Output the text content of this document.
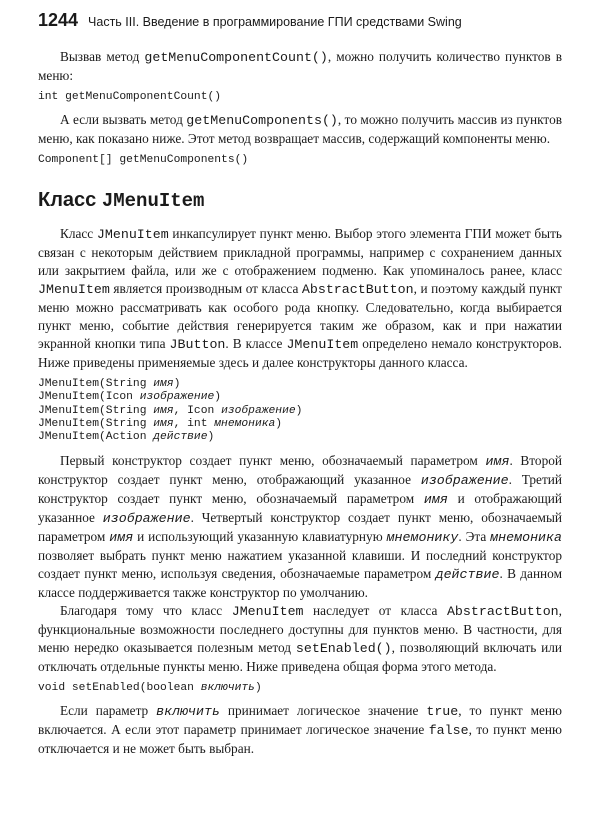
1244 Часть III. Введение в программирование ГПИ средствами Swing

Вызвав метод getMenuComponentCount(), можно получить количество пунктов в меню:

int getMenuComponentCount()

А если вызвать метод getMenuComponents(), то можно получить массив из пунктов меню, как показано ниже. Этот метод возвращает массив, содержащий компоненты меню.

Component[] getMenuComponents()
Класс JMenuItem

Класс JMenuItem инкапсулирует пункт меню. Выбор этого элемента ГПИ может быть связан с некоторым действием прикладной программы, например с сохранением данных или закрытием файла, или же с отображением подменю. Как упоминалось ранее, класс JMenuItem является производным от класса AbstractButton, и поэтому каждый пункт меню можно рассматривать как особого рода кнопку. Следовательно, когда выбирается пункт меню, событие действия генерируется таким же образом, как и при нажатии экранной кнопки типа JButton. В классе JMenuItem определено немало конструкторов. Ниже приведены применяемые здесь и далее конструкторы данного класса.

JMenuItem(String имя)
JMenuItem(Icon изображение)
JMenuItem(String имя, Icon изображение)
JMenuItem(String имя, int мнемоника)
JMenuItem(Action действие)

Первый конструктор создает пункт меню, обозначаемый параметром имя. Второй конструктор создает пункт меню, отображающий указанное изображение. Третий конструктор создает пункт меню, обозначаемый параметром имя и отображающий указанное изображение. Четвертый конструктор создает пункт меню, обозначаемый параметром имя и использующий указанную клавиатурную мнемонику. Эта мнемоника позволяет выбрать пункт меню нажатием указанной клавиши. И последний конструктор создает пункт меню, используя сведения, обозначаемые параметром действие. В данном классе поддерживается также конструктор по умолчанию.

Благодаря тому что класс JMenuItem наследует от класса AbstractButton, функциональные возможности последнего доступны для пунктов меню. В частности, для меню нередко оказывается полезным метод setEnabled(), позволяющий включать или отключать отдельные пункты меню. Ниже приведена общая форма этого метода.

void setEnabled(boolean включить)

Если параметр включить принимает логическое значение true, то пункт меню включается. А если этот параметр принимает логическое значение false, то пункт меню отключается и не может быть выбран.
